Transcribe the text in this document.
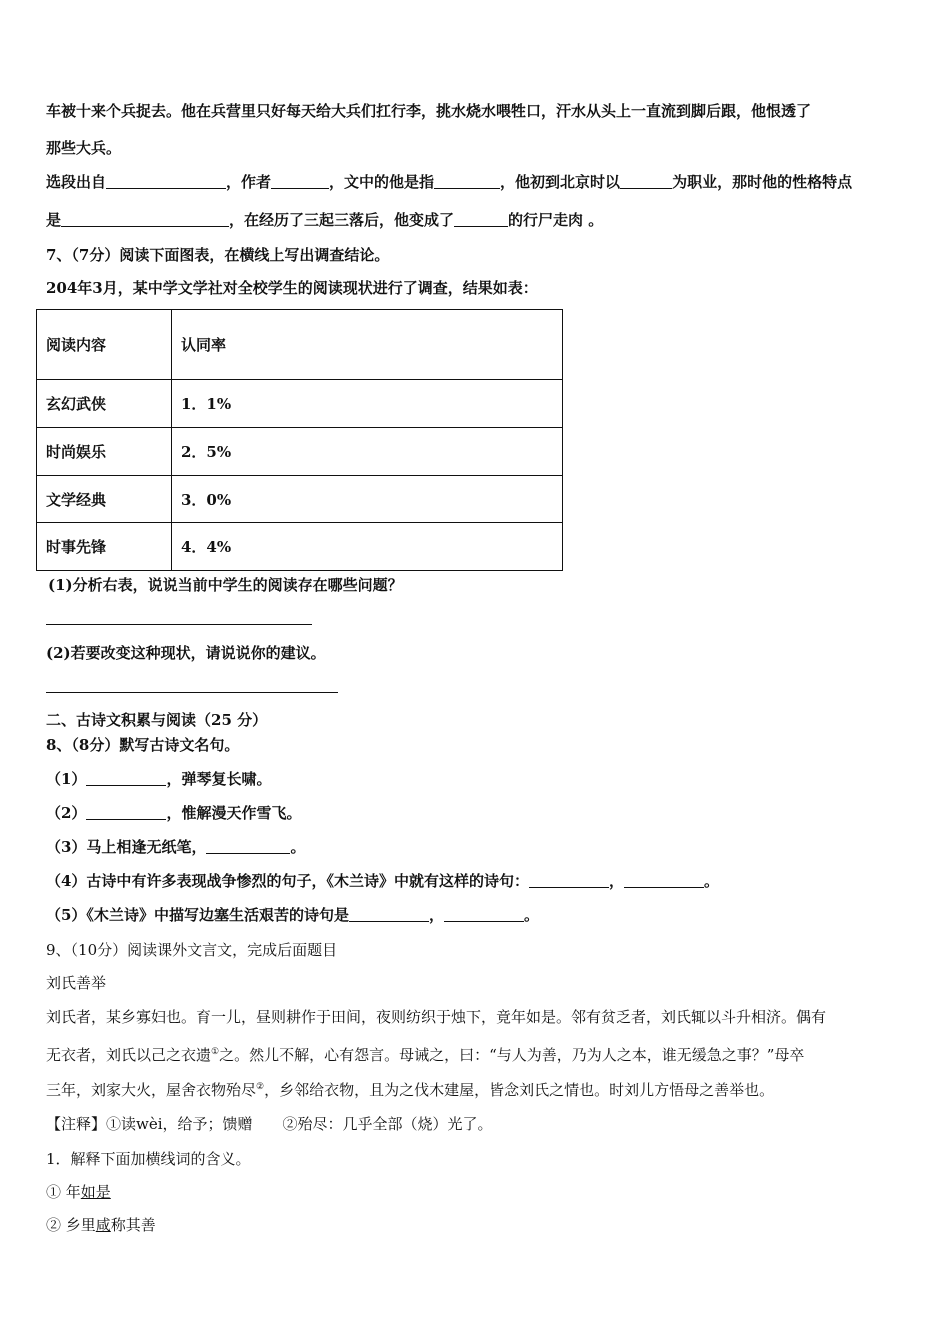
车被十来个兵捉去。他在兵营里只好每天给大兵们扛行李，挑水烧水喂牲口，汗水从头上一直流到脚后跟，他恨透了
那些大兵。
选段出自	，作者	，文中的他是指	，他初到北京时以	为职业，那时他的性格特点
是	，在经历了三起三落后，他变成了	的行尸走肉 。
7、（7分）阅读下面图表，在横线上写出调查结论。
204年3月，某中学文学社对全校学生的阅读现状进行了调查，结果如表：
阅读内容	认同率
玄幻武侠	1．1%
时尚娱乐	2．5%
文学经典	3．0%
时事先锋	4．4%
(1)分析右表，说说当前中学生的阅读存在哪些问题？
(2)若要改变这种现状，请说说你的建议。
二、古诗文积累与阅读（25 分）
8、（8分）默写古诗文名句。
（1）	，弹琴复长啸。
（2）	，惟解漫天作雪飞。
（3）马上相逢无纸笔，	。
（4）古诗中有许多表现战争惨烈的句子，《木兰诗》中就有这样的诗句：	，	。
（5）《木兰诗》中描写边塞生活艰苦的诗句是	，	。
9、（10分）阅读课外文言文，完成后面题目
刘氏善举
刘氏者，某乡寡妇也。育一儿，昼则耕作于田间，夜则纺织于烛下，竟年如是。邻有贫乏者，刘氏辄以斗升相济。偶有
无衣者，刘氏以己之衣遗①之。然儿不解，心有怨言。母诫之，曰：“与人为善，乃为人之本，谁无缓急之事？”母卒
三年，刘家大火，屋舍衣物殆尽②，乡邻给衣物，且为之伐木建屋，皆念刘氏之情也。时刘儿方悟母之善举也。
【注释】①读wèi，给予；馈赠　　②殆尽：几乎全部（烧）光了。
1．解释下面加横线词的含义。
① 年如是
② 乡里咸称其善
